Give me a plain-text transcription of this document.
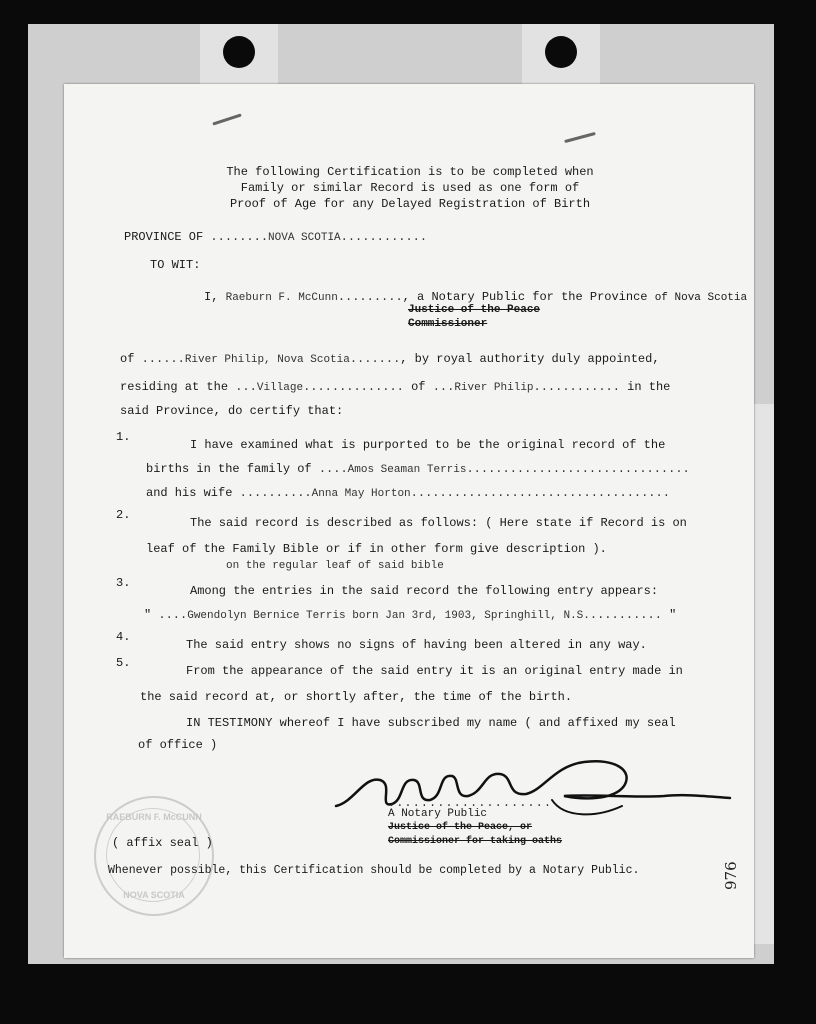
The following Certification is to be completed when
Family or similar Record is used as one form of
Proof of Age for any Delayed Registration of Birth
PROVINCE OF ........NOVA SCOTIA............
TO WIT:
I, Raeburn F. McCunn........., a Notary Public for the Province of Nova Scotia
Justice of the Peace
Commissioner
of ......River Philip, Nova Scotia......., by royal authority duly appointed,
residing at the ...Village.............. of ...River Philip............ in the
said Province, do certify that:
1.
I have examined what is purported to be the original record of the
births in the family of ....Amos Seaman Terris...............................
and his wife ..........Anna May Horton....................................
2.
The said record is described as follows: ( Here state if Record is on
leaf of the Family Bible or if in other form give description ).
on the regular leaf of said bible
3.
Among the entries in the said record the following entry appears:
" ....Gwendolyn Bernice Terris born Jan 3rd, 1903, Springhill, N.S........... "
4.
The said entry shows no signs of having been altered in any way.
5.
From the appearance of the said entry it is an original entry made in
the said record at, or shortly after, the time of the birth.
IN TESTIMONY whereof I have subscribed my name ( and affixed my seal
of office )
....................
A Notary Public
Justice of the Peace, or
Commissioner for taking oaths
RAEBURN F. McCUNN
NOVA SCOTIA
( affix seal )
Whenever possible, this Certification should be completed by a Notary Public.	976
